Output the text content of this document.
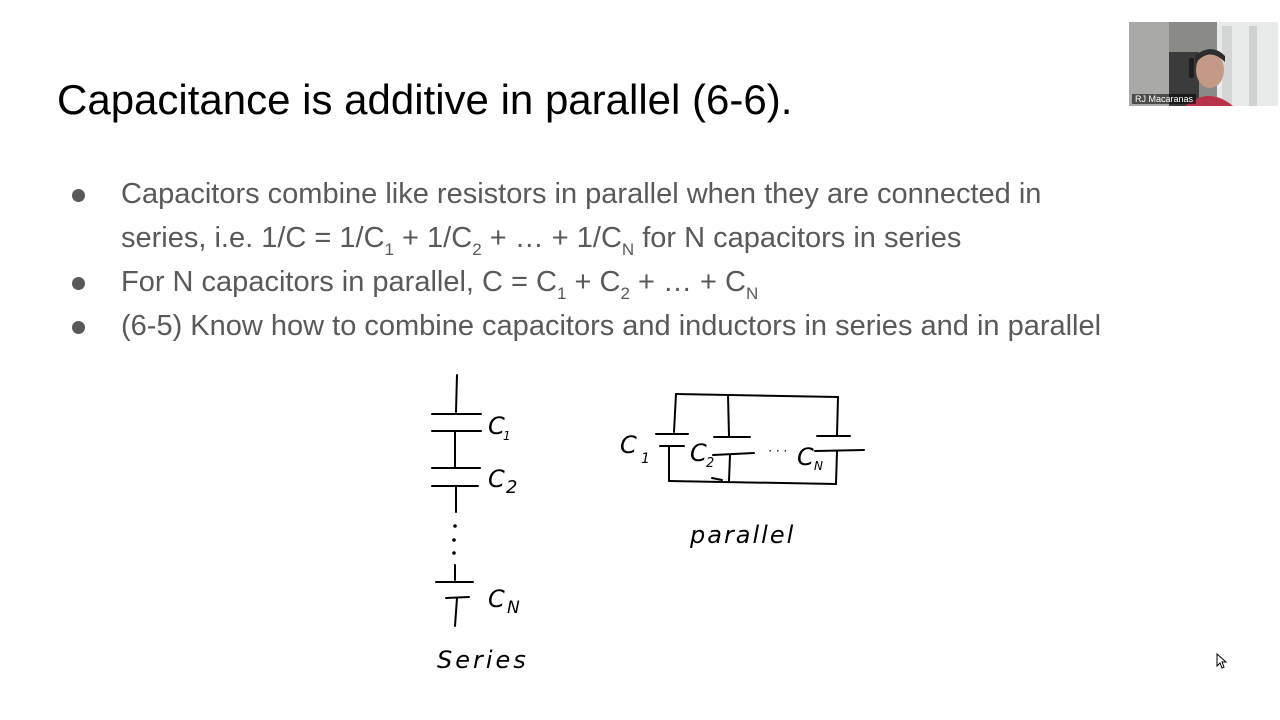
Capacitance is additive in parallel (6-6).
Capacitors combine like resistors in parallel when they are connected in
series, i.e. $1/C = 1/C_1 + 1/C_2$ + … + $1/C_N$ for N capacitors in series
For N capacitors in parallel, $C = C_1 + C_2$ + … + $C_N$
(6-5) Know how to combine capacitors and inductors in series and in parallel
C
1
C 2
C N
Series
C 1 C 2
· · · C N
parallel
RJ Macaranas
